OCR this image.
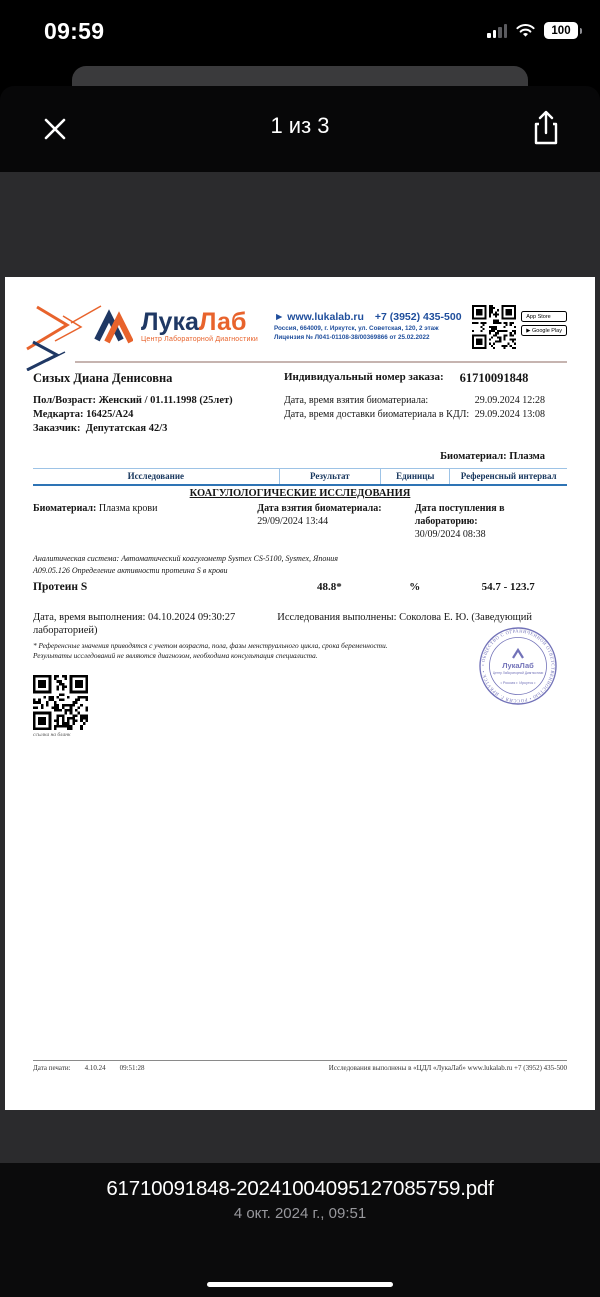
09:59	100
1 из 3
ЛукаЛаб
Центр Лабораторной Диагностики
► www.lukalab.ru +7 (3952) 435-500
Россия, 664009, г. Иркутск, ул. Советская, 120, 2 этаж
Лицензия № Л041-01108-38/00369866 от 25.02.2022
App Store
▶ Google Play
Сизых Диана Денисовна
Пол/Возраст: Женский / 01.11.1998 (25лет)
Медкарта: 16425/А24
Заказчик: Депутатская 42/3
Индивидуальный номер заказа: 61710091848
Дата, время взятия биоматериала:	29.09.2024 12:28
Дата, время доставки биоматериала в КДЛ: 29.09.2024 13:08
Биоматериал: Плазма
Исследование	Результат	Единицы	Референсный интервал
КОАГУЛОЛОГИЧЕСКИЕ ИССЛЕДОВАНИЯ
Биоматериал: Плазма крови	Дата взятия биоматериала:
29/09/2024 13:44
Дата поступления в лабораторию:
30/09/2024 08:38
Аналитическая система: Автоматический коагулометр Sysmex CS-5100, Sysmex, Япония
А09.05.126 Определение активности протеина S в крови
Протеин S	48.8*	%	54.7 - 123.7
Дата, время выполнения: 04.10.2024 09:30:27	Исследования выполнены: Соколова Е. Ю. (Заведующий лабораторией)
* Референсные значения приводятся с учетом возраста, пола, фазы менструального цикла, срока беременности.
Результаты исследований не являются диагнозом, необходима консультация специалиста.
ссылка на бланк
• ОБЩЕСТВО С ОГРАНИЧЕННОЙ ОТВЕТСТВЕННОСТЬЮ • РОССИЯ Г. ИРКУТСК •
ЛукаЛаб
Центр Лабораторной Диагностики
• Россия г. Иркутск •
Дата печати: 4.10.24 09:51:28	Исследования выполнены в «ЦДЛ «ЛукаЛаб» www.lukalab.ru +7 (3952) 435-500
61710091848-20241004095127085759.pdf
4 окт. 2024 г., 09:51
